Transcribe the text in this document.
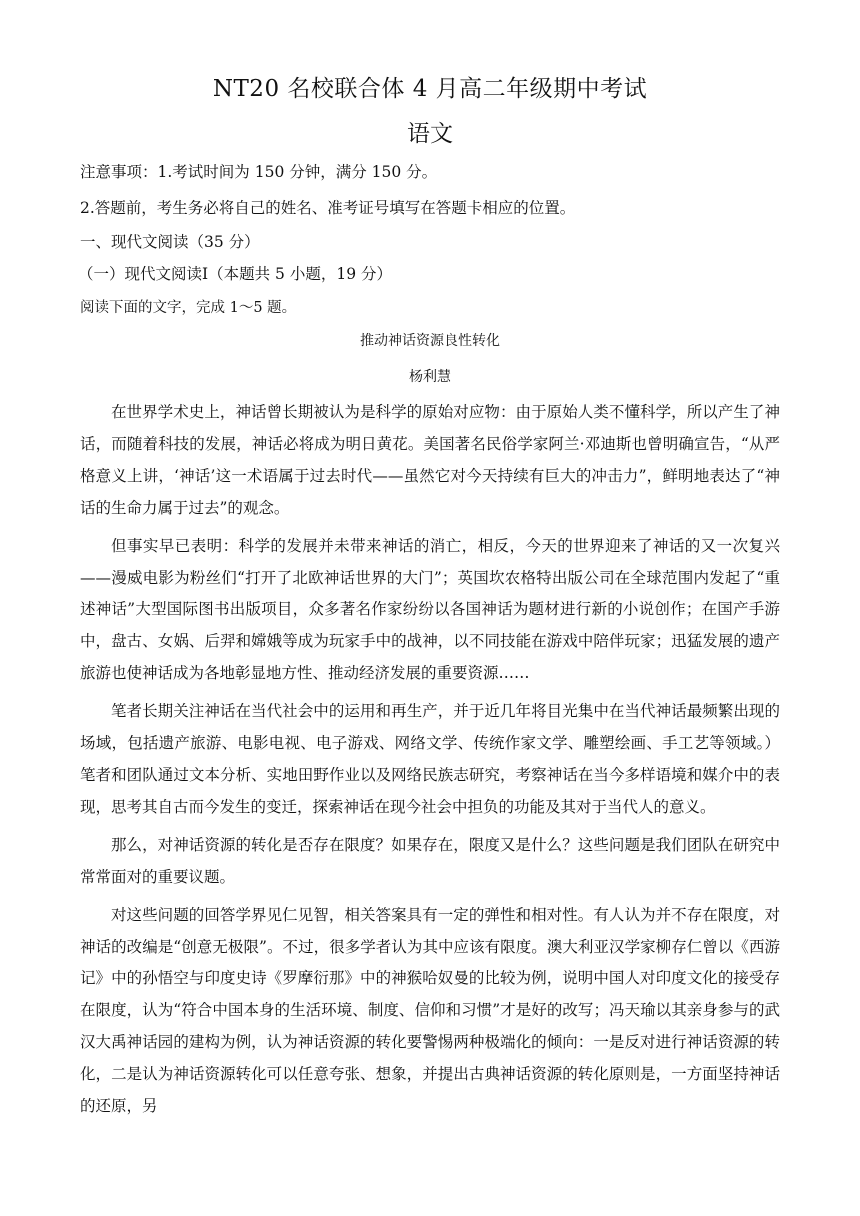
NT20 名校联合体 4 月高二年级期中考试
语文
注意事项：1.考试时间为 150 分钟，满分 150 分。
2.答题前，考生务必将自己的姓名、准考证号填写在答题卡相应的位置。
一、现代文阅读（35 分）
（一）现代文阅读Ⅰ（本题共 5 小题，19 分）
阅读下面的文字，完成 1～5 题。
推动神话资源良性转化
杨利慧

在世界学术史上，神话曾长期被认为是科学的原始对应物：由于原始人类不懂科学，所以产生了神话，而随着科技的发展，神话必将成为明日黄花。美国著名民俗学家阿兰·邓迪斯也曾明确宣告，“从严格意义上讲，‘神话’这一术语属于过去时代——虽然它对今天持续有巨大的冲击力”，鲜明地表达了“神话的生命力属于过去”的观念。

但事实早已表明：科学的发展并未带来神话的消亡，相反，今天的世界迎来了神话的又一次复兴——漫威电影为粉丝们“打开了北欧神话世界的大门”；英国坎农格特出版公司在全球范围内发起了“重述神话”大型国际图书出版项目，众多著名作家纷纷以各国神话为题材进行新的小说创作；在国产手游中，盘古、女娲、后羿和嫦娥等成为玩家手中的战神，以不同技能在游戏中陪伴玩家；迅猛发展的遗产旅游也使神话成为各地彰显地方性、推动经济发展的重要资源……

笔者长期关注神话在当代社会中的运用和再生产，并于近几年将目光集中在当代神话最频繁出现的场域，包括遗产旅游、电影电视、电子游戏、网络文学、传统作家文学、雕塑绘画、手工艺等领域。）笔者和团队通过文本分析、实地田野作业以及网络民族志研究，考察神话在当今多样语境和媒介中的表现，思考其自古而今发生的变迁，探索神话在现今社会中担负的功能及其对于当代人的意义。

那么，对神话资源的转化是否存在限度？如果存在，限度又是什么？这些问题是我们团队在研究中常常面对的重要议题。

对这些问题的回答学界见仁见智，相关答案具有一定的弹性和相对性。有人认为并不存在限度，对神话的改编是“创意无极限”。不过，很多学者认为其中应该有限度。澳大利亚汉学家柳存仁曾以《西游记》中的孙悟空与印度史诗《罗摩衍那》中的神猴哈奴曼的比较为例，说明中国人对印度文化的接受存在限度，认为“符合中国本身的生活环境、制度、信仰和习惯”才是好的改写；冯天瑜以其亲身参与的武汉大禹神话园的建构为例，认为神话资源的转化要警惕两种极端化的倾向：一是反对进行神话资源的转化，二是认为神话资源转化可以任意夸张、想象，并提出古典神话资源的转化原则是，一方面坚持神话的还原，另
